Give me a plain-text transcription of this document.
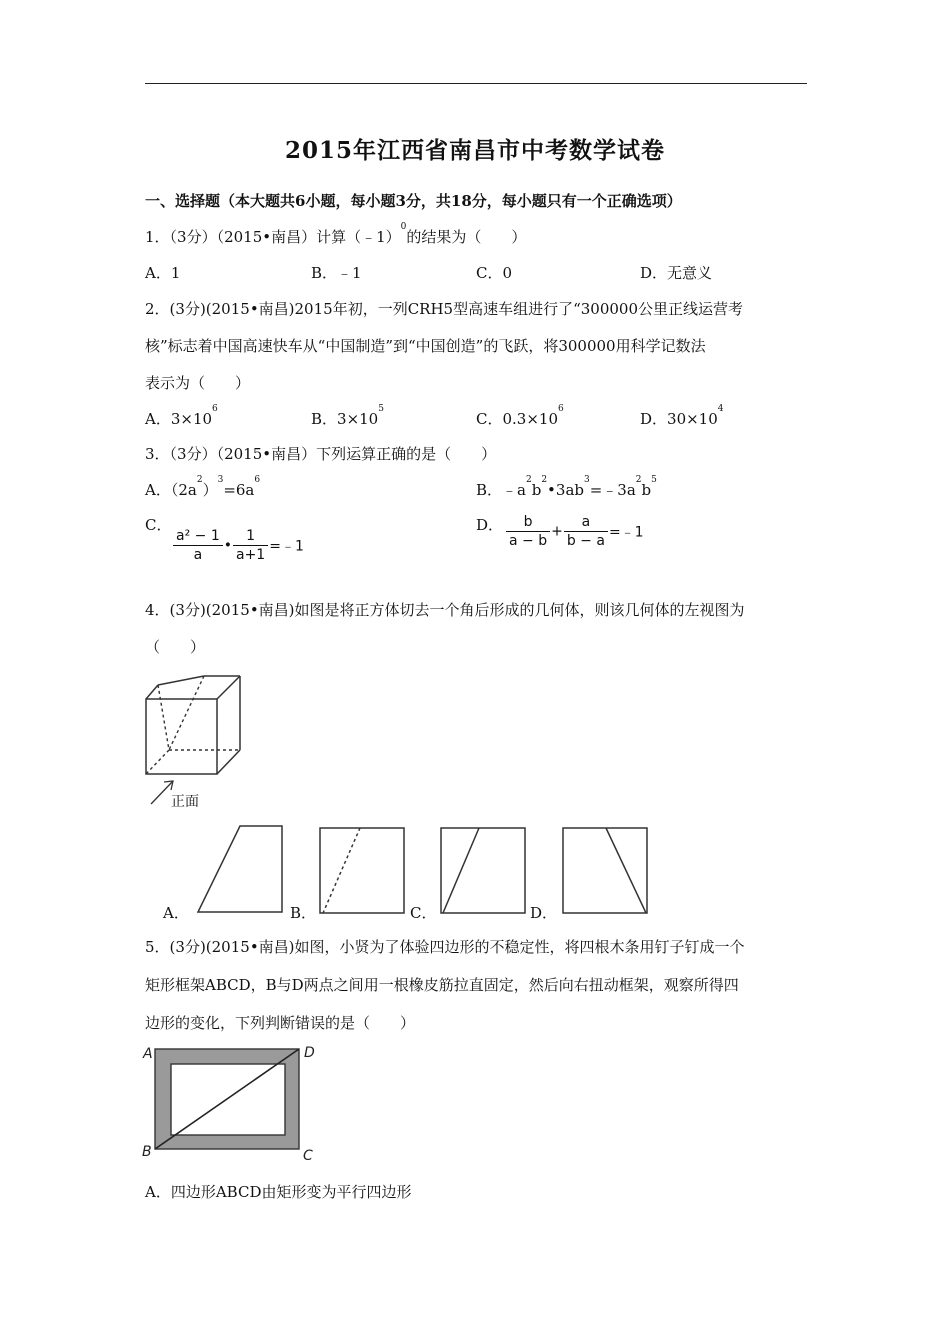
2015年江西省南昌市中考数学试卷
一、选择题（本大题共6小题，每小题3分，共18分，每小题只有一个正确选项）
1．（3分）（2015•南昌）计算（﹣1）$^0$的结果为（　　）
A．1	B．﹣1	C．0	D．无意义
2．(3分)(2015•南昌)2015年初，一列CRH5型高速车组进行了“300000公里正线运营考
核”标志着中国高速快车从“中国制造”到“中国创造”的飞跃，将300000用科学记数法
表示为（　　）
A．$3\times 10^6$
B．$3\times 10^5$
C．$0.3\times 10^6$
D．$30\times 10^4$
3．（3分）（2015•南昌）下列运算正确的是（　　）
A．$(2a^2)^3=6a^6$
B．$﹣a^2b^2•3ab^3=﹣3a^2b^5$
C．
$\frac{\text{a² − 1}}{a}$ • $\frac{1}{a+1}$ =﹣1
D． $\frac{b}{a - b} + \frac{a}{b - a}$ =﹣1
4．(3分)(2015•南昌)如图是将正方体切去一个角后形成的几何体，则该几何体的左视图为
（　　）
正面
A．	B．	C．	D．
5．(3分)(2015•南昌)如图，小贤为了体验四边形的不稳定性，将四根木条用钉子钉成一个
矩形框架ABCD，B与D两点之间用一根橡皮筋拉直固定，然后向右扭动框架，观察所得四
边形的变化，下列判断错误的是（　　）
A	D
B	C
A．四边形ABCD由矩形变为平行四边形
